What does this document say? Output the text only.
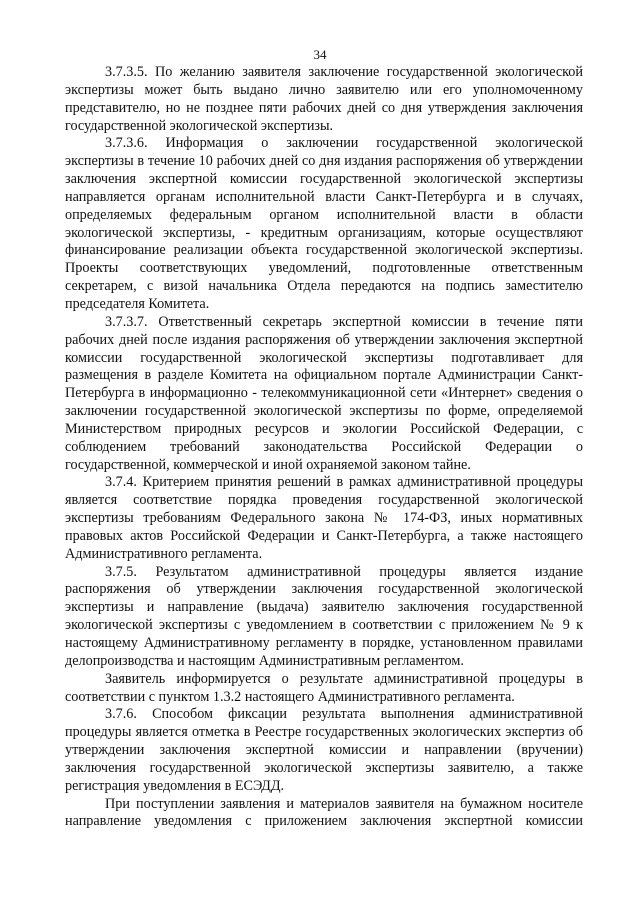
34

3.7.3.5. По желанию заявителя заключение государственной экологической экспертизы может быть выдано лично заявителю или его уполномоченному представителю, но не позднее пяти рабочих дней со дня утверждения заключения государственной экологической экспертизы.

3.7.3.6. Информация о заключении государственной экологической экспертизы в течение 10 рабочих дней со дня издания распоряжения об утверждении заключения экспертной комиссии государственной экологической экспертизы направляется органам исполнительной власти Санкт-Петербурга и в случаях, определяемых федеральным органом исполнительной власти в области экологической экспертизы, - кредитным организациям, которые осуществляют финансирование реализации объекта государственной экологической экспертизы. Проекты соответствующих уведомлений, подготовленные ответственным секретарем, с визой начальника Отдела передаются на подпись заместителю председателя Комитета.

3.7.3.7. Ответственный секретарь экспертной комиссии в течение пяти рабочих дней после издания распоряжения об утверждении заключения экспертной комиссии государственной экологической экспертизы подготавливает для размещения в разделе Комитета на официальном портале Администрации Санкт-Петербурга в информационно - телекоммуникационной сети «Интернет» сведения о заключении государственной экологической экспертизы по форме, определяемой Министерством природных ресурсов и экологии Российской Федерации, с соблюдением требований законодательства Российской Федерации о государственной, коммерческой и иной охраняемой законом тайне.

3.7.4. Критерием принятия решений в рамках административной процедуры является соответствие порядка проведения государственной экологической экспертизы требованиям Федерального закона № 174-ФЗ, иных нормативных правовых актов Российской Федерации и Санкт-Петербурга, а также настоящего Административного регламента.

3.7.5. Результатом административной процедуры является издание распоряжения об утверждении заключения государственной экологической экспертизы и направление (выдача) заявителю заключения государственной экологической экспертизы с уведомлением в соответствии с приложением № 9 к настоящему Административному регламенту в порядке, установленном правилами делопроизводства и настоящим Административным регламентом.

Заявитель информируется о результате административной процедуры в соответствии с пунктом 1.3.2 настоящего Административного регламента.

3.7.6. Способом фиксации результата выполнения административной процедуры является отметка в Реестре государственных экологических экспертиз об утверждении заключения экспертной комиссии и направлении (вручении) заключения государственной экологической экспертизы заявителю, а также регистрация уведомления в ЕСЭДД.

При поступлении заявления и материалов заявителя на бумажном носителе направление уведомления с приложением заключения экспертной комиссии
